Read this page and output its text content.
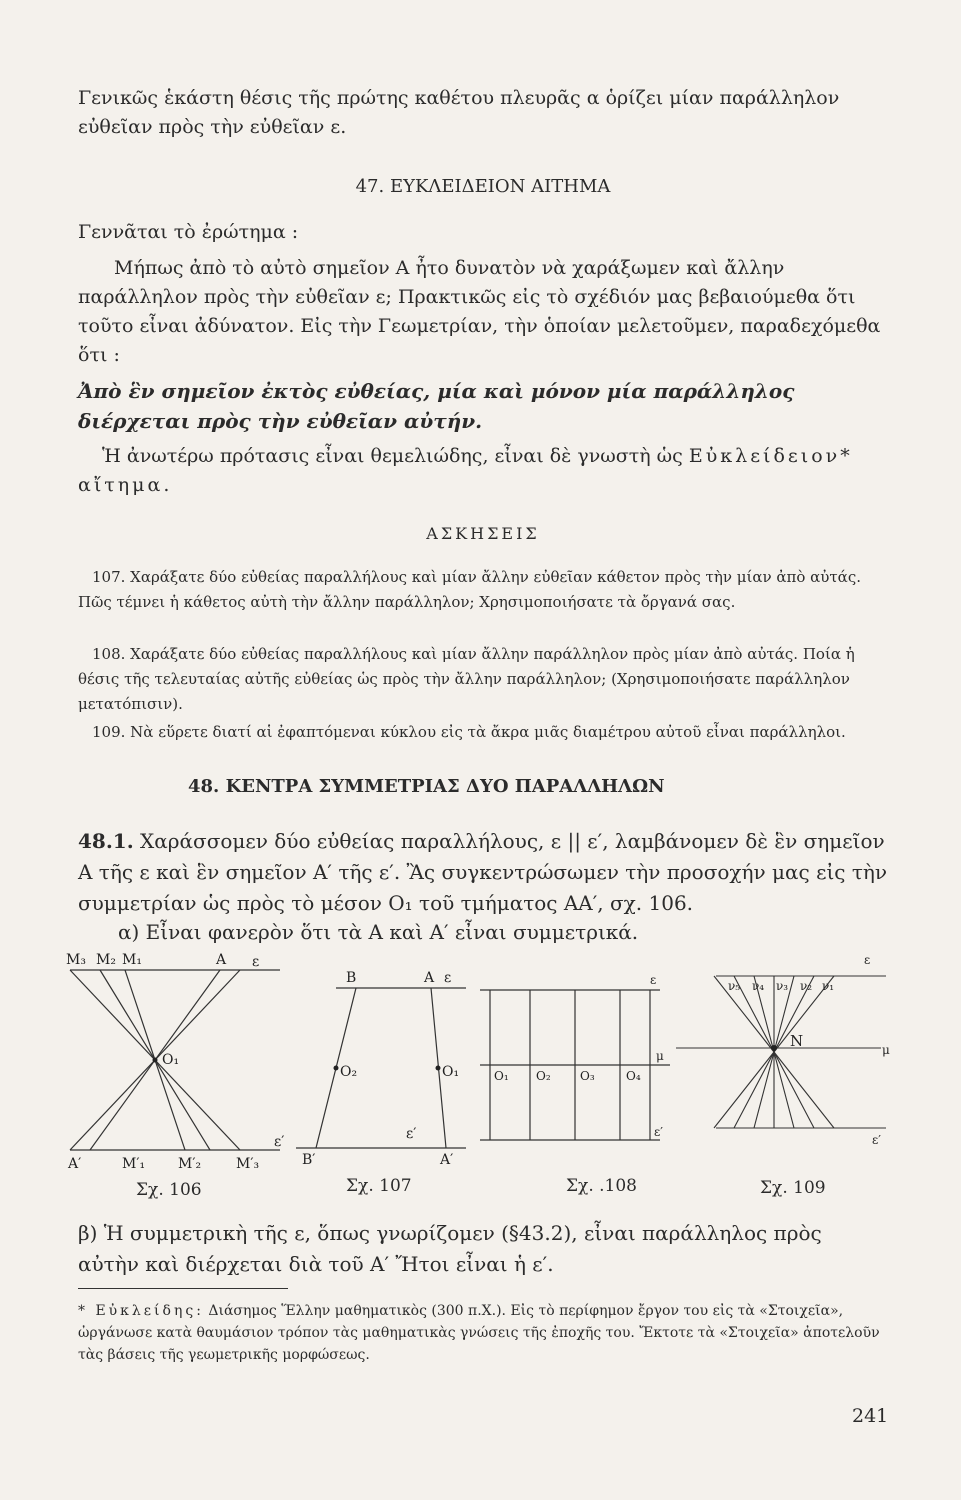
Γενικῶς ἑκάστη θέσις τῆς πρώτης καθέτου πλευρᾶς α ὁρίζει μίαν παράλληλον εὐθεῖαν πρὸς τὴν εὐθεῖαν ε.

47. ΕΥΚΛΕΙΔΕΙΟΝ ΑΙΤΗΜΑ

Γεννᾶται τὸ ἐρώτημα :

Μήπως ἀπὸ τὸ αὐτὸ σημεῖον Α ἦτο δυνατὸν νὰ χαράξωμεν καὶ ἄλλην παράλληλον πρὸς τὴν εὐθεῖαν ε; Πρακτικῶς εἰς τὸ σχέδιόν μας βεβαιούμεθα ὅτι τοῦτο εἶναι ἀδύνατον. Εἰς τὴν Γεωμετρίαν, τὴν ὁποίαν μελετοῦμεν, παραδεχόμεθα ὅτι :

Ἀπὸ ἓν σημεῖον ἐκτὸς εὐθείας, μία καὶ μόνον μία παράλληλος διέρχεται πρὸς τὴν εὐθεῖαν αὐτήν.

Ἡ ἀνωτέρω πρότασις εἶναι θεμελιώδης, εἶναι δὲ γνωστὴ ὡς Εὐκλείδειον* αἴτημα.

ΑΣΚΗΣΕΙΣ

107. Χαράξατε δύο εὐθείας παραλλήλους καὶ μίαν ἄλλην εὐθεῖαν κάθετον πρὸς τὴν μίαν ἀπὸ αὐτάς. Πῶς τέμνει ἡ κάθετος αὐτὴ τὴν ἄλλην παράλληλον; Χρησιμοποιήσατε τὰ ὄργανά σας.

108. Χαράξατε δύο εὐθείας παραλλήλους καὶ μίαν ἄλλην παράλληλον πρὸς μίαν ἀπὸ αὐτάς. Ποία ἡ θέσις τῆς τελευταίας αὐτῆς εὐθείας ὡς πρὸς τὴν ἄλλην παράλληλον; (Χρησιμοποιήσατε παράλληλον μετατόπισιν).

109. Νὰ εὕρετε διατί αἱ ἐφαπτόμεναι κύκλου εἰς τὰ ἄκρα μιᾶς διαμέτρου αὐτοῦ εἶναι παράλληλοι.

48. ΚΕΝΤΡΑ ΣΥΜΜΕΤΡΙΑΣ ΔΥΟ ΠΑΡΑΛΛΗΛΩΝ

48.1. Χαράσσομεν δύο εὐθείας παραλλήλους, ε || ε′, λαμβάνομεν δὲ ἓν σημεῖον Α τῆς ε καὶ ἓν σημεῖον Α′ τῆς ε′. Ἂς συγκεντρώσωμεν τὴν προσοχήν μας εἰς τὴν συμμετρίαν ὡς πρὸς τὸ μέσον Ο₁ τοῦ τμήματος ΑΑ′, σχ. 106.

α) Εἶναι φανερὸν ὅτι τὰ Α καὶ Α′ εἶναι συμμετρικά.

M₃ M₂ M₁	A ε
O₁
A′	M′₁ M′₂ M′₃
ε′
B	A ε
O₂	O₁
B′	A′
ε′
ε
μ
O₁ O₂ O₃	O₄
ε′
ε
ν₅ ν₄ ν₃ ν₂ ν₁
N	μ
ε′
Σχ. 106	Σχ. 107	Σχ. .108	Σχ. 109

β) Ἡ συμμετρικὴ τῆς ε, ὅπως γνωρίζομεν (§43.2), εἶναι παράλληλος πρὸς αὐτὴν καὶ διέρχεται διὰ τοῦ Α′ Ἤτοι εἶναι ἡ ε′.

* Εὐκλείδης: Διάσημος Ἕλλην μαθηματικὸς (300 π.Χ.). Εἰς τὸ περίφημον ἔργον του εἰς τὰ «Στοιχεῖα», ὠργάνωσε κατὰ θαυμάσιον τρόπον τὰς μαθηματικὰς γνώσεις τῆς ἐποχῆς του. Ἔκτοτε τὰ «Στοιχεῖα» ἀποτελοῦν τὰς βάσεις τῆς γεωμετρικῆς μορφώσεως.

241
